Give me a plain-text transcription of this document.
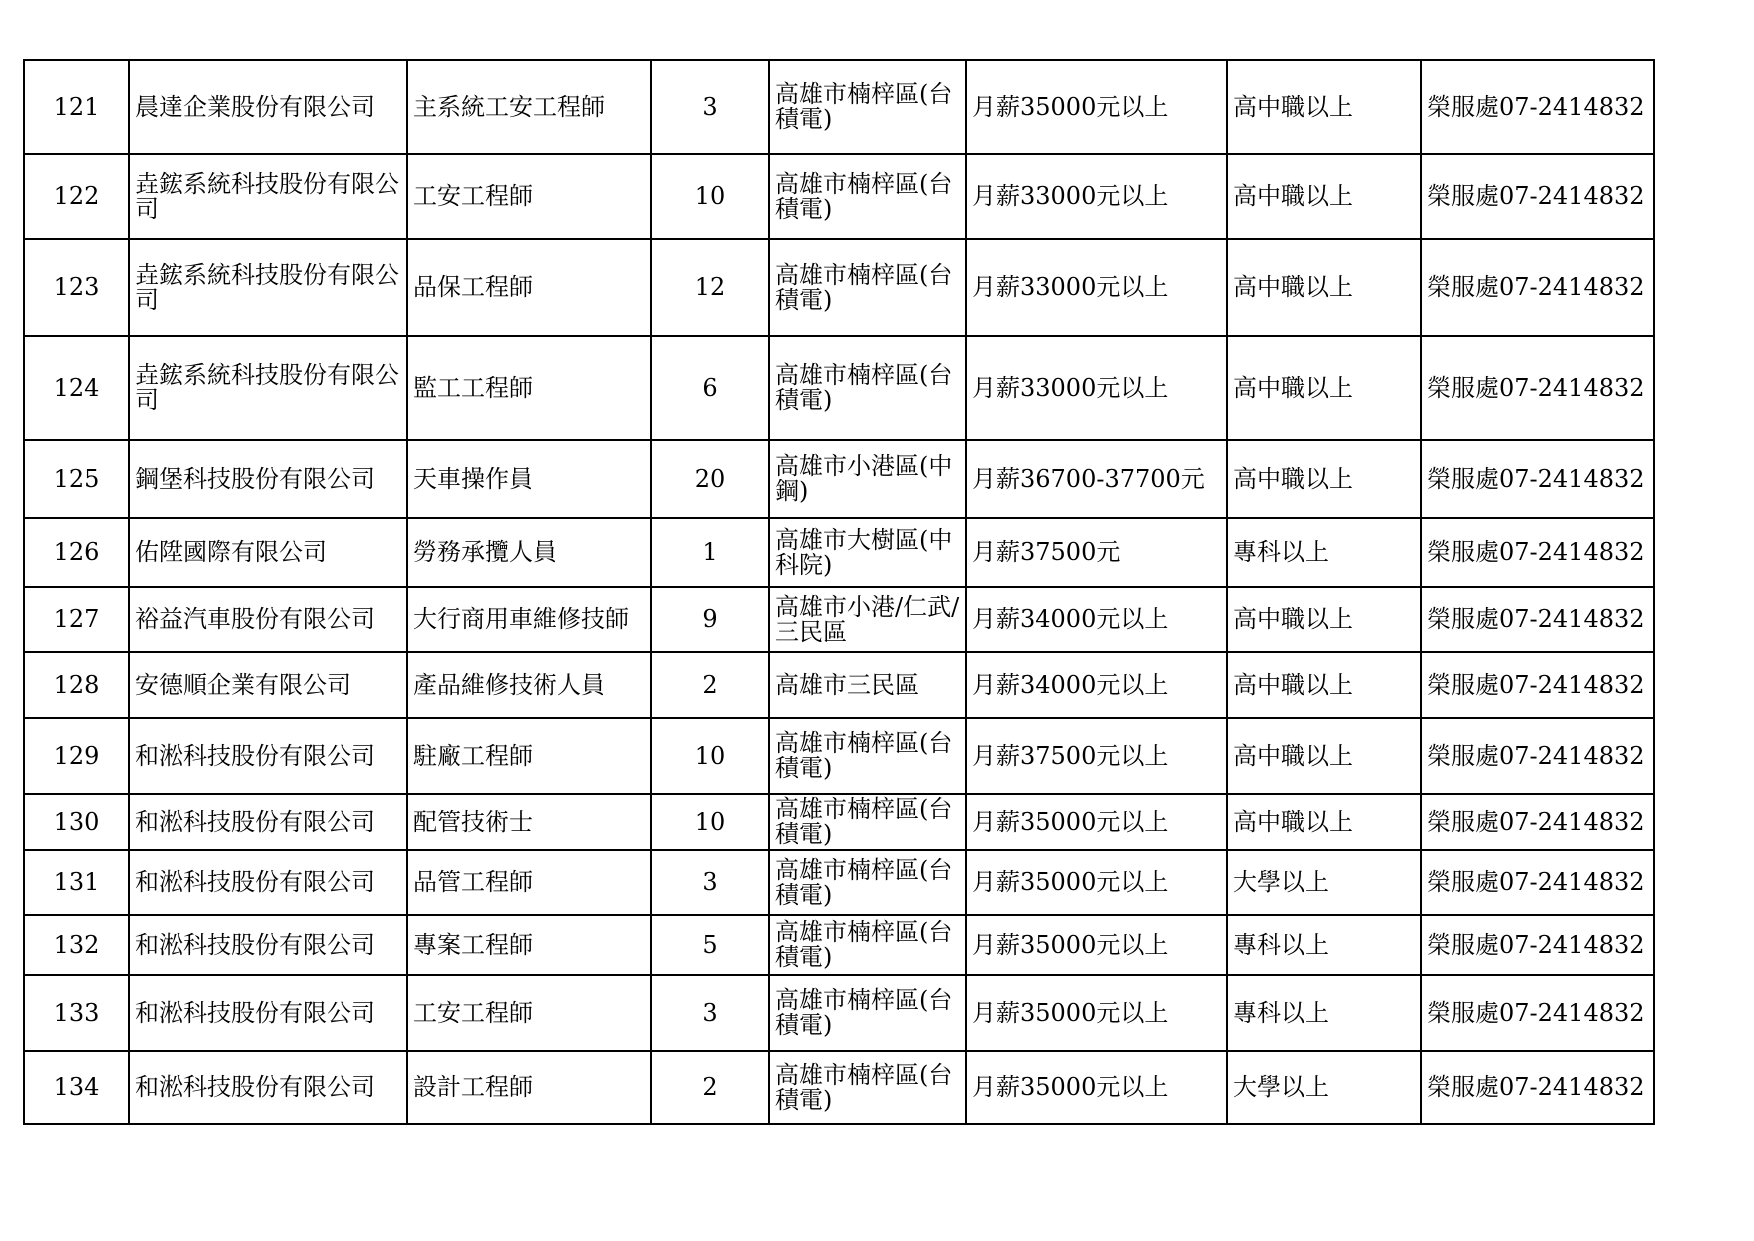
121	晨達企業股份有限公司	主系統工安工程師	3	高雄市楠梓區(台積電)	月薪35000元以上	高中職以上	榮服處07-2414832
122	垚鋐系統科技股份有限公司	工安工程師	10	高雄市楠梓區(台積電)	月薪33000元以上	高中職以上	榮服處07-2414832
123	垚鋐系統科技股份有限公司	品保工程師	12	高雄市楠梓區(台積電)	月薪33000元以上	高中職以上	榮服處07-2414832
124	垚鋐系統科技股份有限公司	監工工程師	6	高雄市楠梓區(台積電)	月薪33000元以上	高中職以上	榮服處07-2414832
125	鋼堡科技股份有限公司	天車操作員	20	高雄市小港區(中鋼)	月薪36700-37700元	高中職以上	榮服處07-2414832
126	佑陞國際有限公司	勞務承攬人員	1	高雄市大樹區(中科院)	月薪37500元	專科以上	榮服處07-2414832
127	裕益汽車股份有限公司	大行商用車維修技師	9	高雄市小港/仁武/三民區	月薪34000元以上	高中職以上	榮服處07-2414832
128	安德順企業有限公司	產品維修技術人員	2	高雄市三民區	月薪34000元以上	高中職以上	榮服處07-2414832
129	和淞科技股份有限公司	駐廠工程師	10	高雄市楠梓區(台積電)	月薪37500元以上	高中職以上	榮服處07-2414832
130	和淞科技股份有限公司	配管技術士	10	高雄市楠梓區(台積電)	月薪35000元以上	高中職以上	榮服處07-2414832
131	和淞科技股份有限公司	品管工程師	3	高雄市楠梓區(台積電)	月薪35000元以上	大學以上	榮服處07-2414832
132	和淞科技股份有限公司	專案工程師	5	高雄市楠梓區(台積電)	月薪35000元以上	專科以上	榮服處07-2414832
133	和淞科技股份有限公司	工安工程師	3	高雄市楠梓區(台積電)	月薪35000元以上	專科以上	榮服處07-2414832
134	和淞科技股份有限公司	設計工程師	2	高雄市楠梓區(台積電)	月薪35000元以上	大學以上	榮服處07-2414832
